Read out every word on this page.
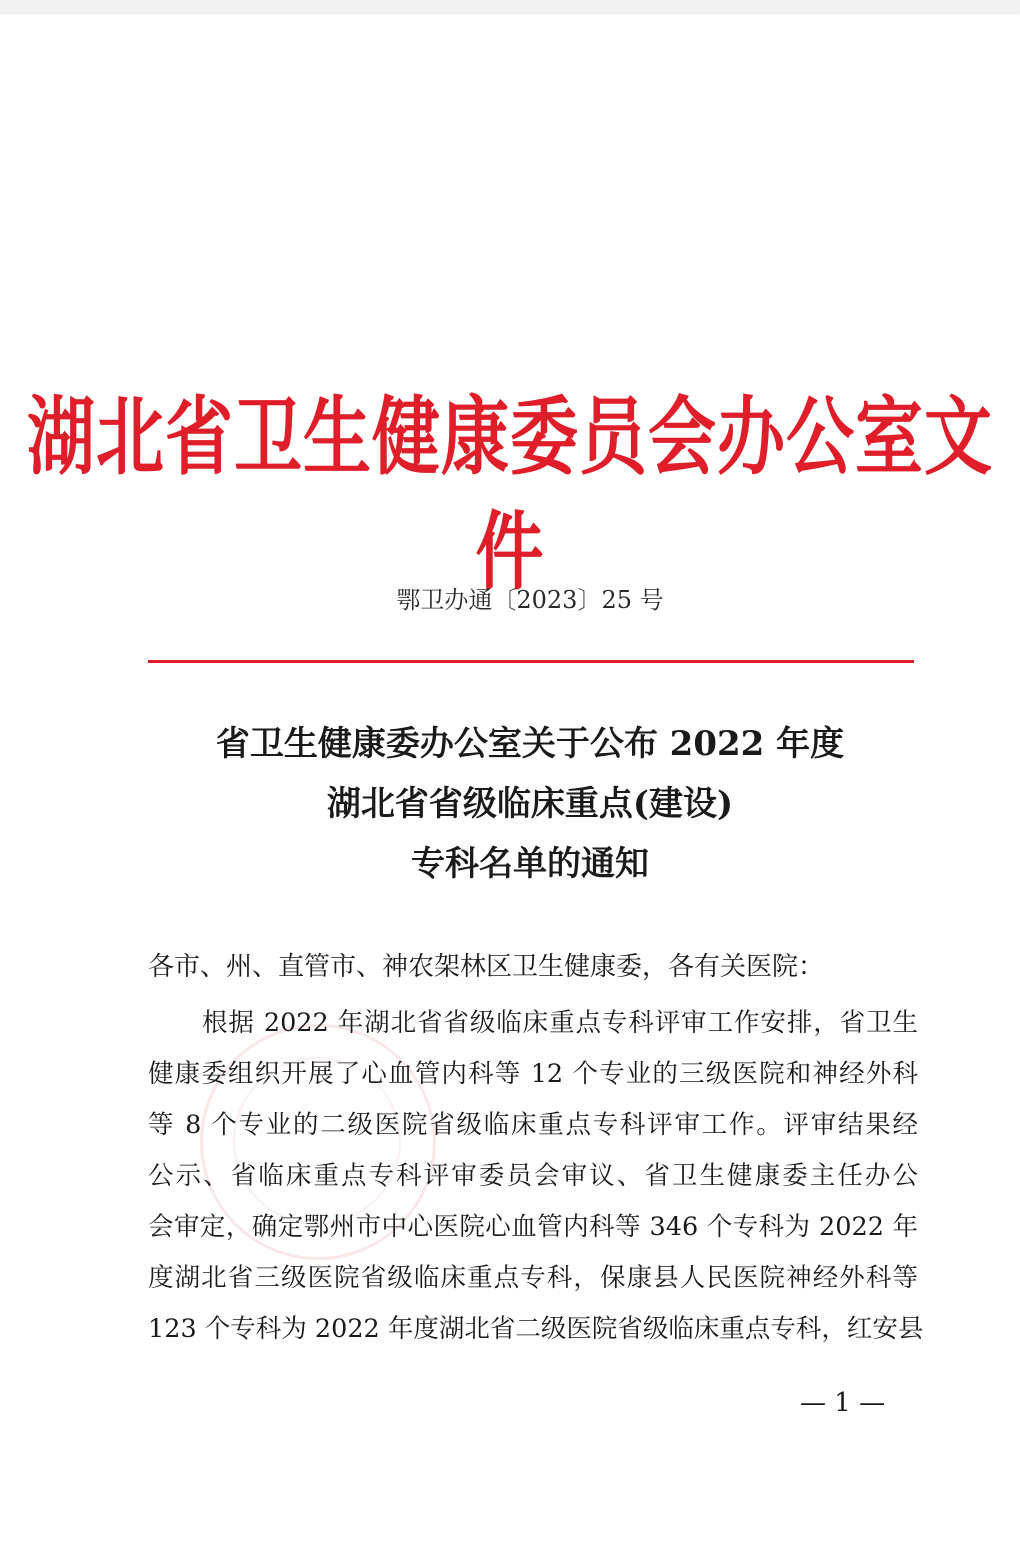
湖北省卫生健康委员会办公室文件
鄂卫办通〔2023〕25 号
省卫生健康委办公室关于公布 2022 年度
湖北省省级临床重点(建设)
专科名单的通知
各市、州、直管市、神农架林区卫生健康委，各有关医院：
根据 2022 年湖北省省级临床重点专科评审工作安排，省卫生
健康委组织开展了心血管内科等 12 个专业的三级医院和神经外科
等 8 个专业的二级医院省级临床重点专科评审工作。评审结果经
公示、省临床重点专科评审委员会审议、省卫生健康委主任办公
会审定，确定鄂州市中心医院心血管内科等 346 个专科为 2022 年
度湖北省三级医院省级临床重点专科，保康县人民医院神经外科等
123 个专科为 2022 年度湖北省二级医院省级临床重点专科，红安县
— 1 —
